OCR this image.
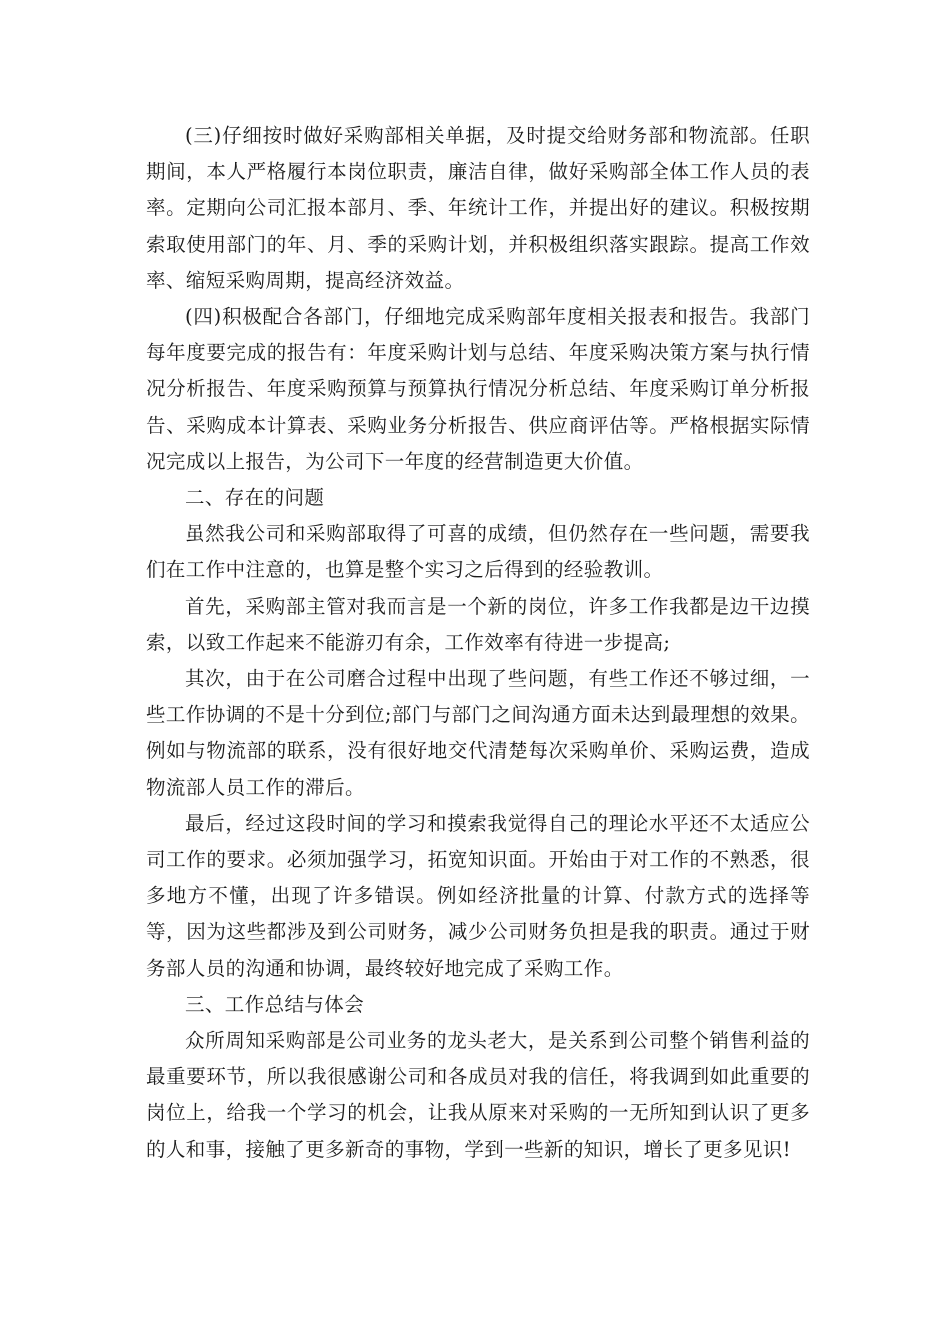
(三)仔细按时做好采购部相关单据，及时提交给财务部和物流部。任职期间，本人严格履行本岗位职责，廉洁自律，做好采购部全体工作人员的表率。定期向公司汇报本部月、季、年统计工作，并提出好的建议。积极按期索取使用部门的年、月、季的采购计划，并积极组织落实跟踪。提高工作效率、缩短采购周期，提高经济效益。

(四)积极配合各部门，仔细地完成采购部年度相关报表和报告。我部门每年度要完成的报告有：年度采购计划与总结、年度采购决策方案与执行情况分析报告、年度采购预算与预算执行情况分析总结、年度采购订单分析报告、采购成本计算表、采购业务分析报告、供应商评估等。严格根据实际情况完成以上报告，为公司下一年度的经营制造更大价值。

二、存在的问题

虽然我公司和采购部取得了可喜的成绩，但仍然存在一些问题，需要我们在工作中注意的，也算是整个实习之后得到的经验教训。

首先，采购部主管对我而言是一个新的岗位，许多工作我都是边干边摸索，以致工作起来不能游刃有余，工作效率有待进一步提高;

其次，由于在公司磨合过程中出现了些问题，有些工作还不够过细，一些工作协调的不是十分到位;部门与部门之间沟通方面未达到最理想的效果。例如与物流部的联系，没有很好地交代清楚每次采购单价、采购运费，造成物流部人员工作的滞后。

最后，经过这段时间的学习和摸索我觉得自己的理论水平还不太适应公司工作的要求。必须加强学习，拓宽知识面。开始由于对工作的不熟悉，很多地方不懂，出现了许多错误。例如经济批量的计算、付款方式的选择等等，因为这些都涉及到公司财务，减少公司财务负担是我的职责。通过于财务部人员的沟通和协调，最终较好地完成了采购工作。

三、工作总结与体会

众所周知采购部是公司业务的龙头老大，是关系到公司整个销售利益的最重要环节，所以我很感谢公司和各成员对我的信任，将我调到如此重要的岗位上，给我一个学习的机会，让我从原来对采购的一无所知到认识了更多的人和事，接触了更多新奇的事物，学到一些新的知识，增长了更多见识!
